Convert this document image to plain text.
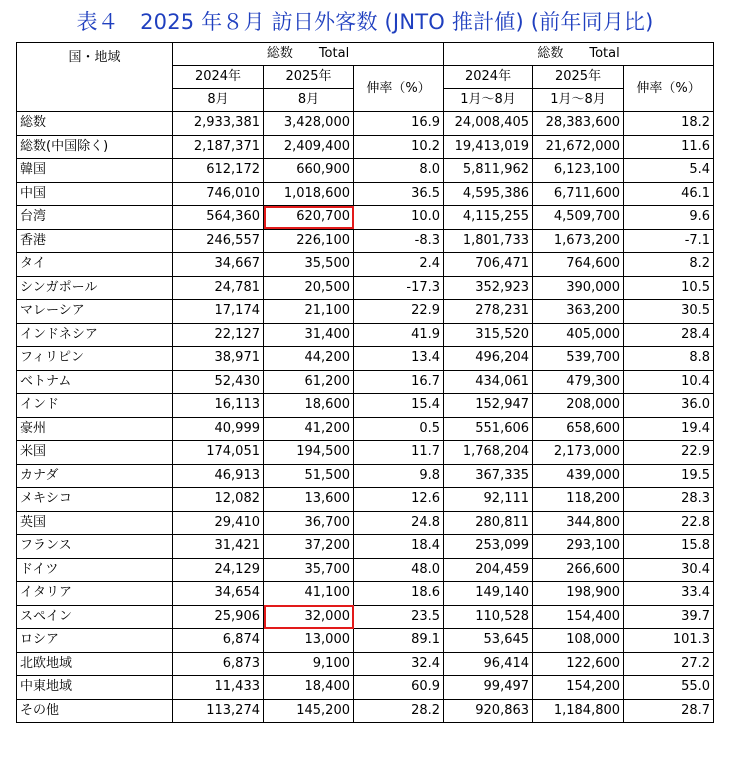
表４　2025 年８月 訪日外客数 (JNTO 推計値) (前年同月比)
国・地域	総数　　Total			総数　　Total		
	2024年	2025年	伸率（%）	2024年	2025年	伸率（%）
	8月	8月		1月～8月	1月～8月	
総数	2,933,381	3,428,000	16.9	24,008,405	28,383,600	18.2
総数(中国除く)	2,187,371	2,409,400	10.2	19,413,019	21,672,000	11.6
韓国	612,172	660,900	8.0	5,811,962	6,123,100	5.4
中国	746,010	1,018,600	36.5	4,595,386	6,711,600	46.1
台湾	564,360	620,700	10.0	4,115,255	4,509,700	9.6
香港	246,557	226,100	-8.3	1,801,733	1,673,200	-7.1
タイ	34,667	35,500	2.4	706,471	764,600	8.2
シンガポール	24,781	20,500	-17.3	352,923	390,000	10.5
マレーシア	17,174	21,100	22.9	278,231	363,200	30.5
インドネシア	22,127	31,400	41.9	315,520	405,000	28.4
フィリピン	38,971	44,200	13.4	496,204	539,700	8.8
ベトナム	52,430	61,200	16.7	434,061	479,300	10.4
インド	16,113	18,600	15.4	152,947	208,000	36.0
豪州	40,999	41,200	0.5	551,606	658,600	19.4
米国	174,051	194,500	11.7	1,768,204	2,173,000	22.9
カナダ	46,913	51,500	9.8	367,335	439,000	19.5
メキシコ	12,082	13,600	12.6	92,111	118,200	28.3
英国	29,410	36,700	24.8	280,811	344,800	22.8
フランス	31,421	37,200	18.4	253,099	293,100	15.8
ドイツ	24,129	35,700	48.0	204,459	266,600	30.4
イタリア	34,654	41,100	18.6	149,140	198,900	33.4
スペイン	25,906	32,000	23.5	110,528	154,400	39.7
ロシア	6,874	13,000	89.1	53,645	108,000	101.3
北欧地域	6,873	9,100	32.4	96,414	122,600	27.2
中東地域	11,433	18,400	60.9	99,497	154,200	55.0
その他	113,274	145,200	28.2	920,863	1,184,800	28.7
